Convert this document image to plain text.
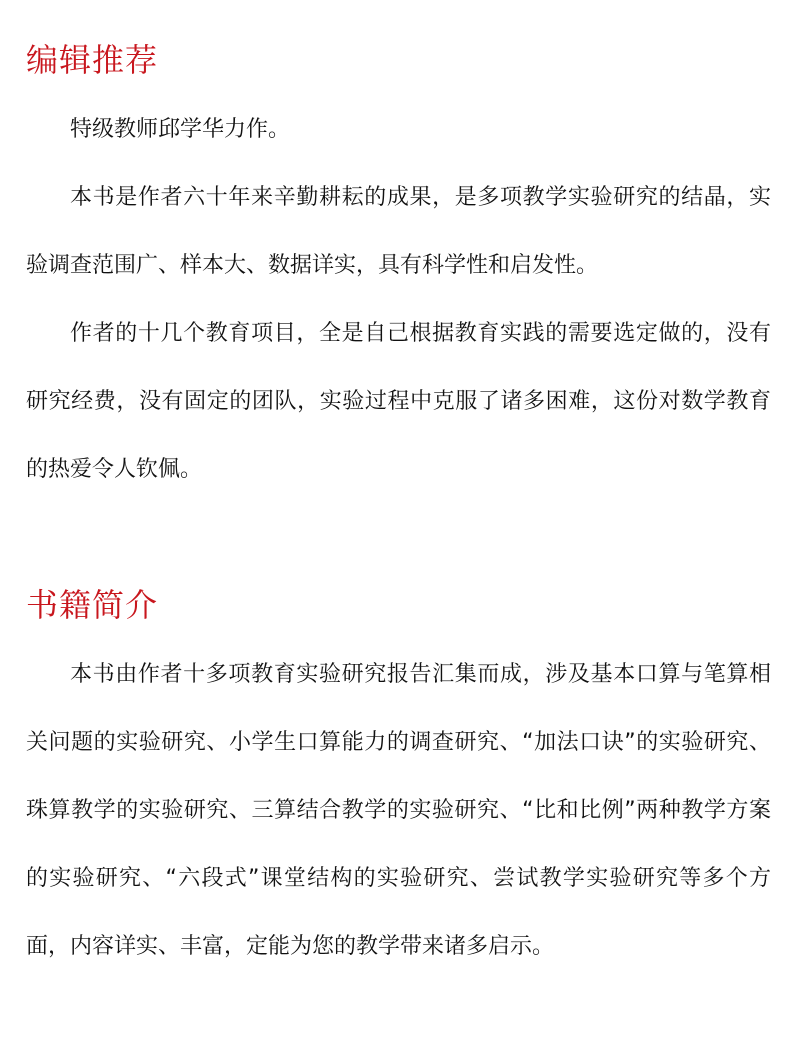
编辑推荐

特级教师邱学华力作。

本书是作者六十年来辛勤耕耘的成果，是多项教学实验研究的结晶，实验调查范围广、样本大、数据详实，具有科学性和启发性。

作者的十几个教育项目，全是自己根据教育实践的需要选定做的，没有研究经费，没有固定的团队，实验过程中克服了诸多困难，这份对数学教育的热爱令人钦佩。

书籍简介

本书由作者十多项教育实验研究报告汇集而成，涉及基本口算与笔算相关问题的实验研究、小学生口算能力的调查研究、“加法口诀”的实验研究、珠算教学的实验研究、三算结合教学的实验研究、“比和比例”两种教学方案的实验研究、“六段式”课堂结构的实验研究、尝试教学实验研究等多个方面，内容详实、丰富，定能为您的教学带来诸多启示。
